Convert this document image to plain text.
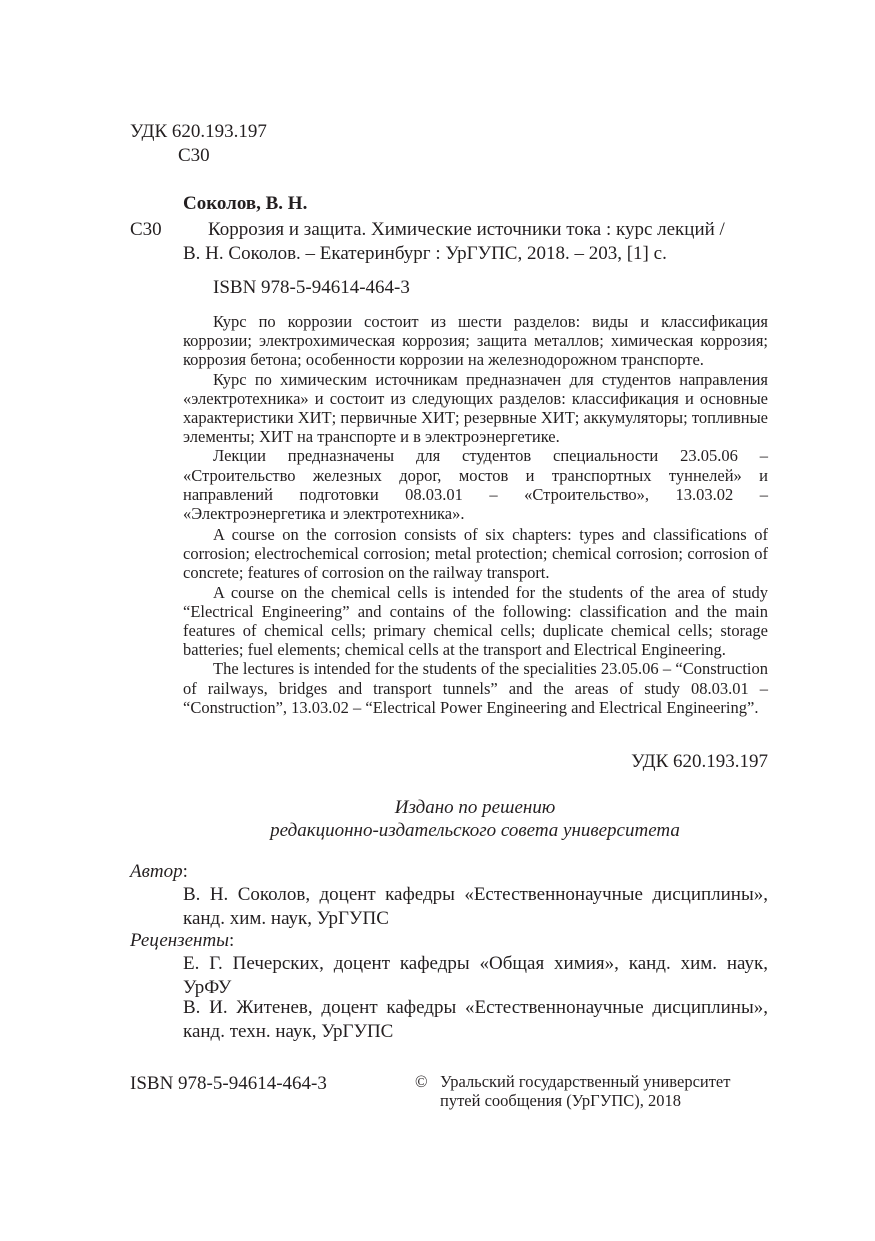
УДК 620.193.197
С30
Соколов, В. Н.
С30 Коррозия и защита. Химические источники тока : курс лекций /
В. Н. Соколов. – Екатеринбург : УрГУПС, 2018. – 203, [1] с.
ISBN 978-5-94614-464-3

Курс по коррозии состоит из шести разделов: виды и классификация коррозии; электрохимическая коррозия; защита металлов; химическая коррозия; коррозия бетона; особенности коррозии на железнодорожном транспорте.

Курс по химическим источникам предназначен для студентов направления «электротехника» и состоит из следующих разделов: классификация и основные характеристики ХИТ; первичные ХИТ; резервные ХИТ; аккумуляторы; топливные элементы; ХИТ на транспорте и в электроэнергетике.

Лекции предназначены для студентов специальности 23.05.06 – «Строительство железных дорог, мостов и транспортных туннелей» и направлений подготовки 08.03.01 – «Строительство», 13.03.02 – «Электроэнергетика и электротехника».

A course on the corrosion consists of six chapters: types and classifications of corrosion; electrochemical corrosion; metal protection; chemical corrosion; corrosion of concrete; features of corrosion on the railway transport.

A course on the chemical cells is intended for the students of the area of study “Electrical Engineering” and contains of the following: classification and the main features of chemical cells; primary chemical cells; duplicate chemical cells; storage batteries; fuel elements; chemical cells at the transport and Electrical Engineering.

The lectures is intended for the students of the specialities 23.05.06 – “Construction of railways, bridges and transport tunnels” and the areas of study 08.03.01 – “Construction”, 13.03.02 – “Electrical Power Engineering and Electrical Engineering”.

УДК 620.193.197
Издано по решению
редакционно-издательского совета университета
Автор:
В. Н. Соколов, доцент кафедры «Естественнонаучные дисциплины», канд. хим. наук, УрГУПС
Рецензенты:
Е. Г. Печерских, доцент кафедры «Общая химия», канд. хим. наук, УрФУ
В. И. Житенев, доцент кафедры «Естественнонаучные дисциплины», канд. техн. наук, УрГУПС
ISBN 978-5-94614-464-3	© Уральский государственный университет
путей сообщения (УрГУПС), 2018
